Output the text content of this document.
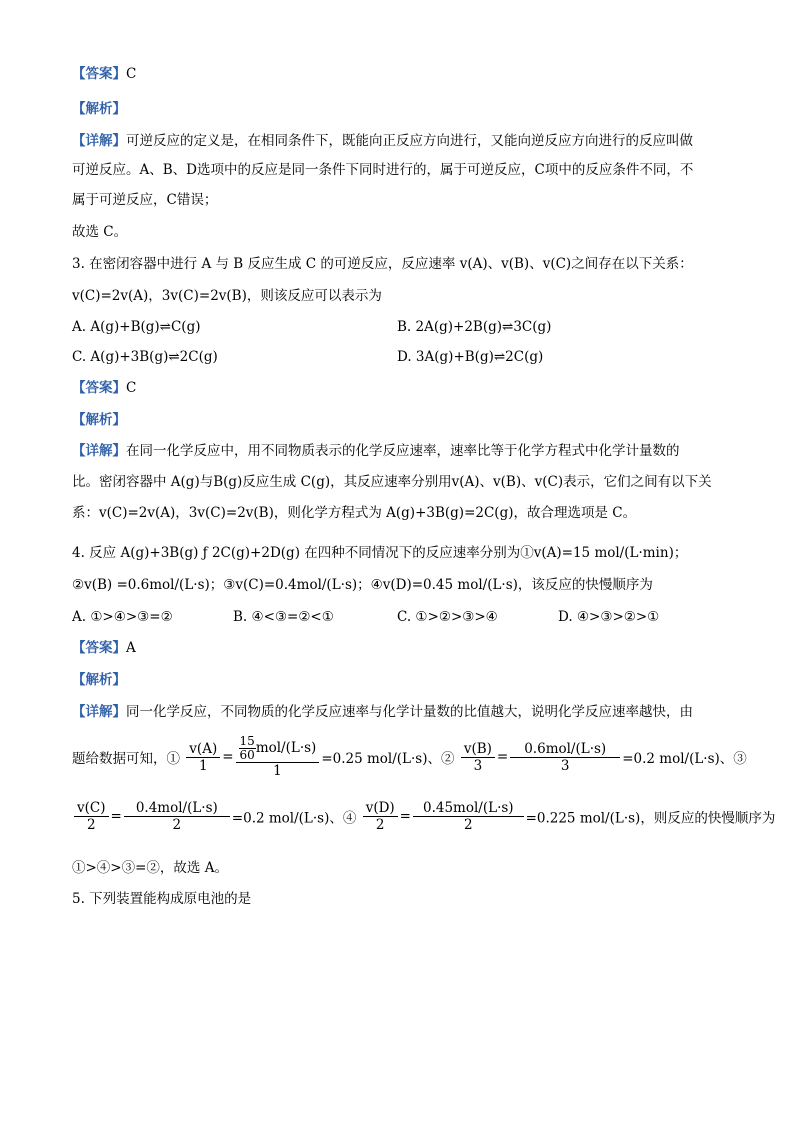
【答案】C
【解析】
【详解】可逆反应的定义是，在相同条件下，既能向正反应方向进行，又能向逆反应方向进行的反应叫做
可逆反应。A、B、D选项中的反应是同一条件下同时进行的，属于可逆反应，C项中的反应条件不同，不
属于可逆反应，C错误；
故选 C。
3. 在密闭容器中进行 A 与 B 反应生成 C 的可逆反应，反应速率 v(A)、v(B)、v(C)之间存在以下关系：
v(C)=2v(A)，3v(C)=2v(B)，则该反应可以表示为
A. A(g)+B(g)⇌C(g)	B. 2A(g)+2B(g)⇌3C(g)
C. A(g)+3B(g)⇌2C(g)	D. 3A(g)+B(g)⇌2C(g)
【答案】C
【解析】
【详解】在同一化学反应中，用不同物质表示的化学反应速率，速率比等于化学方程式中化学计量数的
比。密闭容器中 A(g)与B(g)反应生成 C(g)，其反应速率分别用v(A)、v(B)、v(C)表示，它们之间有以下关
系：v(C)=2v(A)，3v(C)=2v(B)，则化学方程式为 A(g)+3B(g)=2C(g)，故合理选项是 C。
4. 反应 A(g)+3B(g) ƒ 2C(g)+2D(g) 在四种不同情况下的反应速率分别为①v(A)=15 mol/(L·min)；
②v(B) =0.6mol/(L·s)；③v(C)=0.4mol/(L·s)；④v(D)=0.45 mol/(L·s)，该反应的快慢顺序为
A. ①>④>③=②	B. ④<③=②<①	C. ①>②>③>④	D. ④>③>②>①
【答案】A
【解析】
【详解】同一化学反应，不同物质的化学反应速率与化学计量数的比值越大，说明化学反应速率越快，由
题给数据可知，① $\frac{v(A)}{1} = \frac{\frac{15}{60} mol/(L\cdot s)}{1} =0.25$ mol/(L·s)、② $\frac{v(B)}{3} = \frac{\text{0.6mol/(L·s)}}{3} =0.2$ mol/(L·s)、③
$\frac{v(C)}{2} = \frac{\text{0.4mol/(L·s)}}{2} =0.2$ mol/(L·s)、④ $\frac{v(D)}{2} = \frac{\text{0.45mol/(L·s)}}{2} =0.225$ mol/(L·s)，则反应的快慢顺序为
①>④>③=②，故选 A。
5. 下列装置能构成原电池的是
